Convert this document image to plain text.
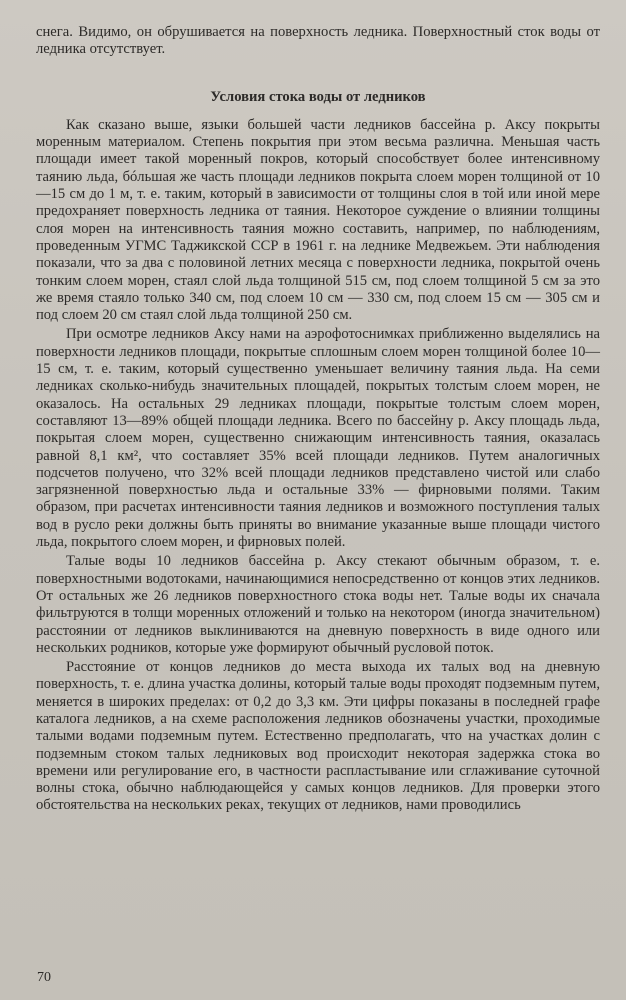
снега. Видимо, он обрушивается на поверхность ледника. Поверхностный сток воды от ледника отсутствует.

Условия стока воды от ледников

Как сказано выше, языки большей части ледников бассейна р. Аксу покрыты моренным материалом. Степень покрытия при этом весьма различна. Меньшая часть площади имеет такой моренный покров, который способствует более интенсивному таянию льда, бóльшая же часть площади ледников покрыта слоем морен толщиной от 10—15 см до 1 м, т. е. таким, который в зависимости от толщины слоя в той или иной мере предохраняет поверхность ледника от таяния. Некоторое суждение о влиянии толщины слоя морен на интенсивность таяния можно составить, например, по наблюдениям, проведенным УГМС Таджикской ССР в 1961 г. на леднике Медвежьем. Эти наблюдения показали, что за два с половиной летних месяца с поверхности ледника, покрытой очень тонким слоем морен, стаял слой льда толщиной 515 см, под слоем толщиной 5 см за это же время стаяло только 340 см, под слоем 10 см — 330 см, под слоем 15 см — 305 см и под слоем 20 см стаял слой льда толщиной 250 см.

При осмотре ледников Аксу нами на аэрофотоснимках приближенно выделялись на поверхности ледников площади, покрытые сплошным слоем морен толщиной более 10—15 см, т. е. таким, который существенно уменьшает величину таяния льда. На семи ледниках сколько-нибудь значительных площадей, покрытых толстым слоем морен, не оказалось. На остальных 29 ледниках площади, покрытые толстым слоем морен, составляют 13—89% общей площади ледника. Всего по бассейну р. Аксу площадь льда, покрытая слоем морен, существенно снижающим интенсивность таяния, оказалась равной 8,1 км², что составляет 35% всей площади ледников. Путем аналогичных подсчетов получено, что 32% всей площади ледников представлено чистой или слабо загрязненной поверхностью льда и остальные 33% — фирновыми полями. Таким образом, при расчетах интенсивности таяния ледников и возможного поступления талых вод в русло реки должны быть приняты во внимание указанные выше площади чистого льда, покрытого слоем морен, и фирновых полей.

Талые воды 10 ледников бассейна р. Аксу стекают обычным образом, т. е. поверхностными водотоками, начинающимися непосредственно от концов этих ледников. От остальных же 26 ледников поверхностного стока воды нет. Талые воды их сначала фильтруются в толщи моренных отложений и только на некотором (иногда значительном) расстоянии от ледников выклиниваются на дневную поверхность в виде одного или нескольких родников, которые уже формируют обычный русловой поток.

Расстояние от концов ледников до места выхода их талых вод на дневную поверхность, т. е. длина участка долины, который талые воды проходят подземным путем, меняется в широких пределах: от 0,2 до 3,3 км. Эти цифры показаны в последней графе каталога ледников, а на схеме расположения ледников обозначены участки, проходимые талыми водами подземным путем. Естественно предполагать, что на участках долин с подземным стоком талых ледниковых вод происходит некоторая задержка стока во времени или регулирование его, в частности распластывание или сглаживание суточной волны стока, обычно наблюдающейся у самых концов ледников. Для проверки этого обстоятельства на нескольких реках, текущих от ледников, нами проводились

70
